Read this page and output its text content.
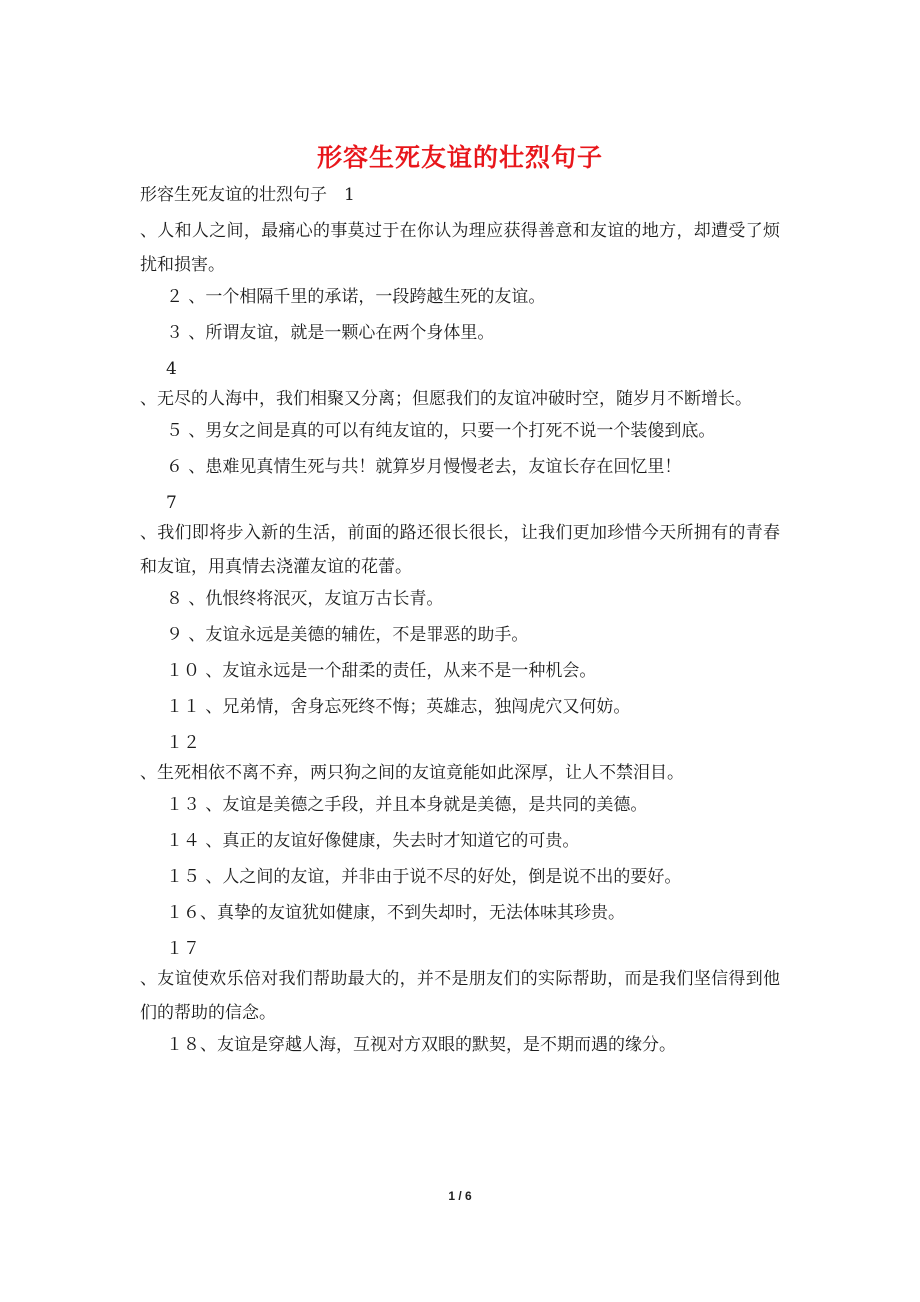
形容生死友谊的壮烈句子
形容生死友谊的壮烈句子　1
、人和人之间，最痛心的事莫过于在你认为理应获得善意和友谊的地方，却遭受了烦扰和损害。
２ 、一个相隔千里的承诺，一段跨越生死的友谊。
３ 、所谓友谊，就是一颗心在两个身体里。
4
、无尽的人海中，我们相聚又分离；但愿我们的友谊冲破时空，随岁月不断增长。
５ 、男女之间是真的可以有纯友谊的，只要一个打死不说一个装傻到底。
６ 、患难见真情生死与共！就算岁月慢慢老去，友谊长存在回忆里！
7
、我们即将步入新的生活，前面的路还很长很长，让我们更加珍惜今天所拥有的青春和友谊，用真情去浇灌友谊的花蕾。
８ 、仇恨终将泯灭，友谊万古长青。
９ 、友谊永远是美德的辅佐，不是罪恶的助手。
１０ 、友谊永远是一个甜柔的责任，从来不是一种机会。
１１ 、兄弟情，舍身忘死终不悔；英雄志，独闯虎穴又何妨。
１２
、生死相依不离不弃，两只狗之间的友谊竟能如此深厚，让人不禁泪目。
１３ 、友谊是美德之手段，并且本身就是美德，是共同的美德。
１４ 、真正的友谊好像健康，失去时才知道它的可贵。
１５ 、人之间的友谊，并非由于说不尽的好处，倒是说不出的要好。
１６、真挚的友谊犹如健康，不到失却时，无法体味其珍贵。
１７
、友谊使欢乐倍对我们帮助最大的，并不是朋友们的实际帮助，而是我们坚信得到他们的帮助的信念。
１８、友谊是穿越人海，互视对方双眼的默契，是不期而遇的缘分。
1 / 6
